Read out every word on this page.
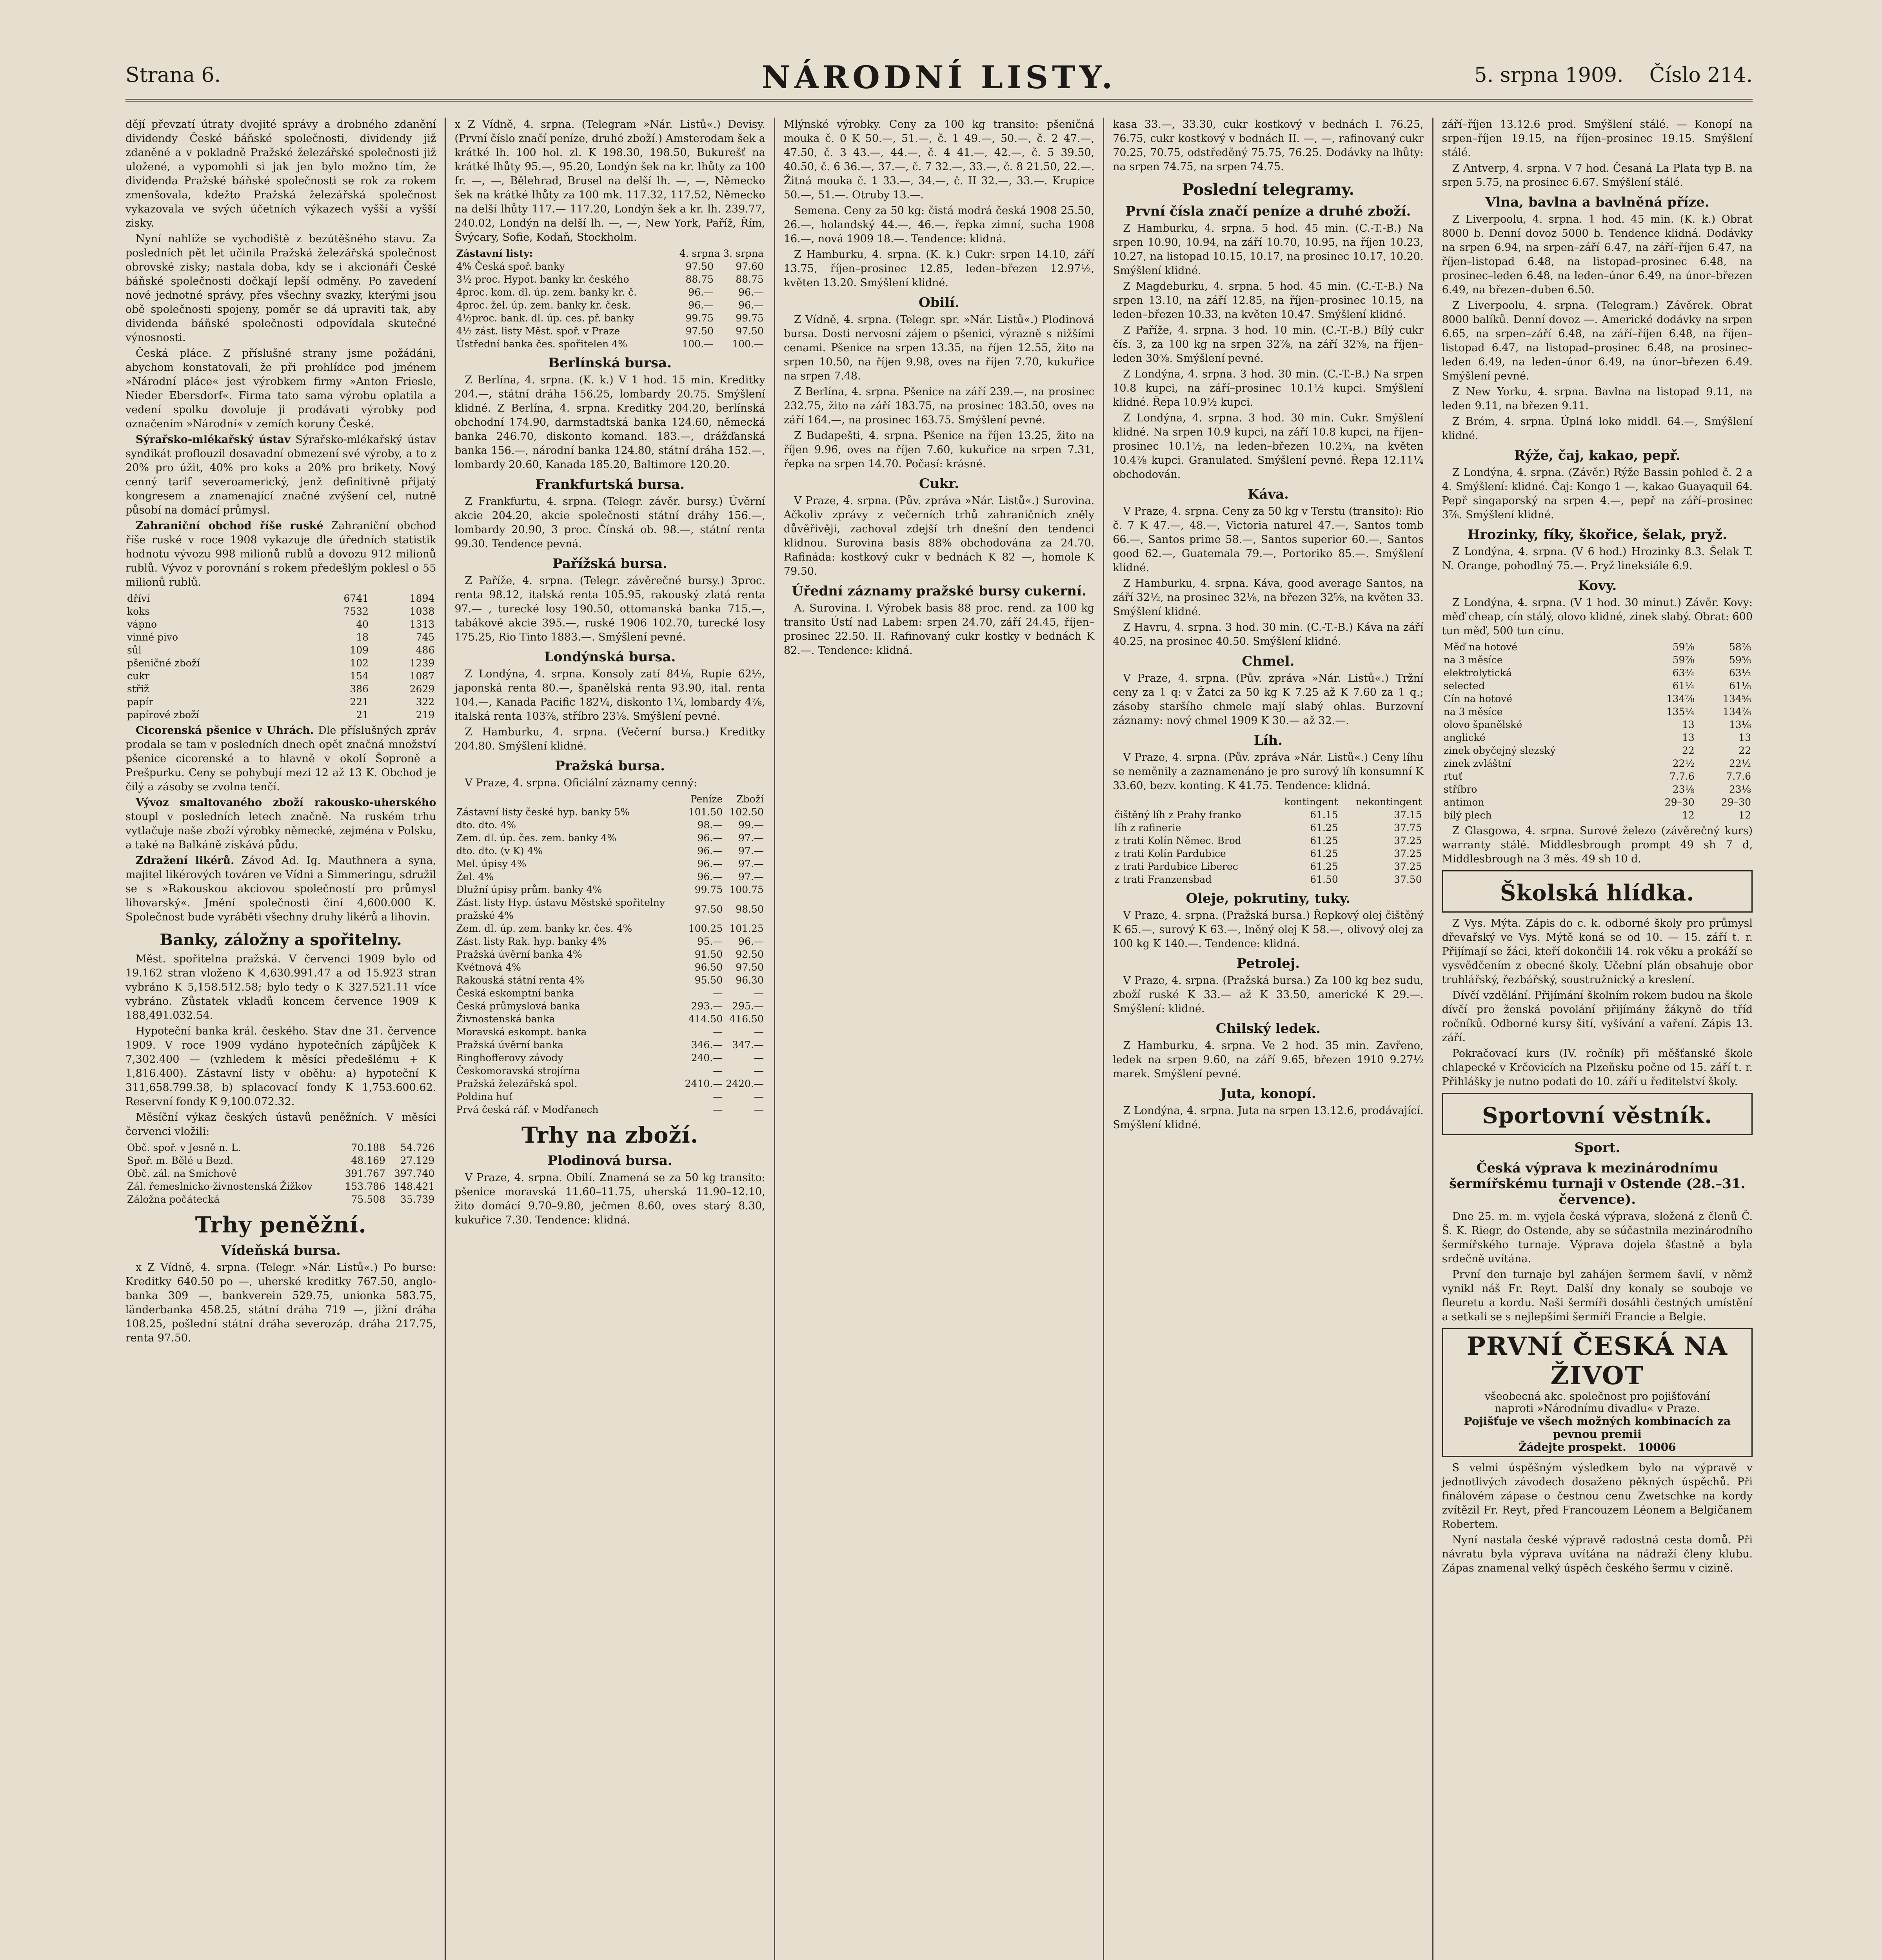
Strana 6.	NÁRODNÍ LISTY.	5. srpna 1909. Číslo 214.

dějí převzatí útraty dvojité správy a drobného zdanění dividendy České báňské společnosti, dividendy již zdaněné a v pokladně Pražské železářské společnosti již uložené, a vypomohli si jak jen bylo možno tím, že dividenda Pražské báňské společnosti se rok za rokem zmenšovala, kdežto Pražská železářská společnost vykazovala ve svých účetních výkazech vyšší a vyšší zisky.

Nyní nahlíže se vychodiště z bezútěšného stavu. Za posledních pět let učinila Pražská železářská společnost obrovské zisky; nastala doba, kdy se i akcionáři České báňské společnosti dočkají lepší odměny. Po zavedení nové jednotné správy, přes všechny svazky, kterými jsou obě společnosti spojeny, poměr se dá upraviti tak, aby dividenda báňské společnosti odpovídala skutečné výnosnosti.

Česká pláce. Z příslušné strany jsme požádáni, abychom konstatovali, že při prohlídce pod jménem »Národní pláce« jest výrobkem firmy »Anton Friesle, Nieder Ebersdorf«. Firma tato sama výrobu oplatila a vedení spolku dovoluje ji prodávati výrobky pod označením »Národní« v zemích koruny České.

Sýrařsko-mlékařský ústav Sýrařsko-mlékařský ústav syndikát proflouzil dosavadní obmezení své výroby, a to z 20% pro úžit, 40% pro koks a 20% pro brikety. Nový cenný tarif severoamerický, jenž definitivně přijatý kongresem a znamenající značné zvýšení cel, nutně působí na domácí průmysl.

Zahraniční obchod říše ruské Zahraniční obchod říše ruské v roce 1908 vykazuje dle úředních statistik hodnotu vývozu 998 milionů rublů a dovozu 912 milionů rublů. Vývoz v porovnání s rokem předešlým poklesl o 55 milionů rublů.

dříví	6741	1894
koks	7532	1038
vápno	40	1313
vinné pivo	18	745
sůl	109	486
pšeničné zboží	102	1239
cukr	154	1087
střiž	386	2629
papír	221	322
papírové zboží	21	219

Cicorenská pšenice v Uhrách. Dle příslušných zpráv prodala se tam v posledních dnech opět značná množství pšenice cicorenské a to hlavně v okolí Šoproně a Prešpurku. Ceny se pohybují mezi 12 až 13 K. Obchod je čilý a zásoby se zvolna tenčí.

Vývoz smaltovaného zboží rakousko-uherského stoupl v posledních letech značně. Na ruském trhu vytlačuje naše zboží výrobky německé, zejména v Polsku, a také na Balkáně získává půdu.

Zdražení likérů. Závod Ad. Ig. Mauthnera a syna, majitel likérových továren ve Vídni a Simmeringu, sdružil se s »Rakouskou akciovou společností pro průmysl lihovarský«. Jmění společnosti činí 4,600.000 K. Společnost bude vyráběti všechny druhy likérů a lihovin.

Banky, záložny a spořitelny.

Měst. spořitelna pražská. V červenci 1909 bylo od 19.162 stran vloženo K 4,630.991.47 a od 15.923 stran vybráno K 5,158.512.58; bylo tedy o K 327.521.11 více vybráno. Zůstatek vkladů koncem července 1909 K 188,491.032.54.

Hypoteční banka král. českého. Stav dne 31. července 1909. V roce 1909 vydáno hypotečních zápůjček K 7,302.400 — (vzhledem k měsíci předešlému + K 1,816.400). Zástavní listy v oběhu: a) hypoteční K 311,658.799.38, b) splacovací fondy K 1,753.600.62. Reservní fondy K 9,100.072.32.

Měsíční výkaz českých ústavů peněžních. V měsíci červenci vložili:

Obč. spoř. v Jesně n. L.	70.188	54.726
Spoř. m. Bělé u Bezd.	48.169	27.129
Obč. zál. na Smíchově	391.767	397.740
Zál. řemeslnicko-živnostenská Žižkov	153.786	148.421
Záložna počátecká	75.508	35.739
Trhy peněžní.
Vídeňská bursa.

x Z Vídně, 4. srpna. (Telegr. »Nár. Listů«.) Po burse: Kreditky 640.50 po —, uherské kreditky 767.50, anglo-banka 309 —, bankverein 529.75, unionka 583.75, länderbanka 458.25, státní dráha 719 —, jižní dráha 108.25, pošlední státní dráha severozáp. dráha 217.75, renta 97.50.

x Z Vídně, 4. srpna. (Telegram »Nár. Listů«.) Devisy. (První číslo značí peníze, druhé zboží.) Amsterodam šek a krátké lh. 100 hol. zl. K 198.30, 198.50, Bukurešť na krátké lhůty 95.—, 95.20, Londýn šek na kr. lhůty za 100 fr. —, —, Bělehrad, Brusel na delší lh. —, —, Německo šek na krátké lhůty za 100 mk. 117.32, 117.52, Německo na delší lhůty 117.— 117.20, Londýn šek a kr. lh. 239.77, 240.02, Londýn na delší lh. —, —, New York, Paříž, Řím, Švýcary, Sofie, Kodaň, Stockholm.

Zástavní listy:	4. srpna 3. srpna	
4% Česká spoř. banky	97.50	97.60
3½ proc. Hypot. banky kr. českého	88.75	88.75
4proc. kom. dl. úp. zem. banky kr. č.	96.—	96.—
4proc. žel. úp. zem. banky kr. česk.	96.—	96.—
4½proc. bank. dl. úp. ces. př. banky	99.75	99.75
4½ zást. listy Měst. spoř. v Praze	97.50	97.50
Ústřední banka čes. spořitelen 4%	100.—	100.—
Berlínská bursa.

Z Berlína, 4. srpna. (K. k.) V 1 hod. 15 min. Kreditky 204.—, státní dráha 156.25, lombardy 20.75. Smýšlení klidné. Z Berlína, 4. srpna. Kreditky 204.20, berlínská obchodní 174.90, darmstadtská banka 124.60, německá banka 246.70, diskonto komand. 183.—, drážďanská banka 156.—, národní banka 124.80, státní dráha 152.—, lombardy 20.60, Kanada 185.20, Baltimore 120.20.

Frankfurtská bursa.

Z Frankfurtu, 4. srpna. (Telegr. závěr. bursy.) Úvěrní akcie 204.20, akcie společnosti státní dráhy 156.—, lombardy 20.90, 3 proc. Čínská ob. 98.—, státní renta 99.30. Tendence pevná.

Pařížská bursa.

Z Paříže, 4. srpna. (Telegr. závěrečné bursy.) 3proc. renta 98.12, italská renta 105.95, rakouský zlatá renta 97.— , turecké losy 190.50, ottomanská banka 715.—, tabákové akcie 395.—, ruské 1906 102.70, turecké losy 175.25, Rio Tinto 1883.—. Smýšlení pevné.

Londýnská bursa.

Z Londýna, 4. srpna. Konsoly zatí 84⅛, Rupie 62½, japonská renta 80.—, španělská renta 93.90, ital. renta 104.—, Kanada Pacific 182¼, diskonto 1¼, lombardy 4⅞, italská renta 103⅞, stříbro 23⅛. Smýšlení pevné.

Z Hamburku, 4. srpna. (Večerní bursa.) Kreditky 204.80. Smýšlení klidné.

Pražská bursa.

V Praze, 4. srpna. Oficiální záznamy cenný:

	Peníze	Zboží
Zástavní listy české hyp. banky 5%	101.50	102.50
dto. dto. 4%	98.—	99.—
Zem. dl. úp. čes. zem. banky 4%	96.—	97.—
dto. dto. (v K) 4%	96.—	97.—
Mel. úpisy 4%	96.—	97.—
Žel. 4%	96.—	97.—
Dlužní úpisy prům. banky 4%	99.75	100.75
Zást. listy Hyp. ústavu Městské spořitelny pražské 4%	97.50	98.50
Zem. dl. úp. zem. banky kr. čes. 4%	100.25	101.25
Zást. listy Rak. hyp. banky 4%	95.—	96.—
Pražská úvěrní banka 4%	91.50	92.50
Kvétnová 4%	96.50	97.50
Rakouská státní renta 4%	95.50	96.30
Česká eskomptní banka	—	—
Česká průmyslová banka	293.—	295.—
Živnostenská banka	414.50	416.50
Moravská eskompt. banka	—	—
Pražská úvěrní banka	346.—	347.—
Ringhofferovy závody	240.—	—
Českomoravská strojírna	—	—
Pražská železářská spol.	2410.—	2420.—
Poldina huť	—	—
Prvá česká ráf. v Modřanech	—	—
Trhy na zboží.
Plodinová bursa.

V Praze, 4. srpna. Obilí. Znamená se za 50 kg transito: pšenice moravská 11.60–11.75, uherská 11.90–12.10, žito domácí 9.70–9.80, ječmen 8.60, oves starý 8.30, kukuřice 7.30. Tendence: klidná.

Mlýnské výrobky. Ceny za 100 kg transito: pšeničná mouka č. 0 K 50.—, 51.—, č. 1 49.—, 50.—, č. 2 47.—, 47.50, č. 3 43.—, 44.—, č. 4 41.—, 42.—, č. 5 39.50, 40.50, č. 6 36.—, 37.—, č. 7 32.—, 33.—, č. 8 21.50, 22.—. Žitná mouka č. 1 33.—, 34.—, č. II 32.—, 33.—. Krupice 50.—, 51.—. Otruby 13.—.

Semena. Ceny za 50 kg: čistá modrá česká 1908 25.50, 26.—, holandský 44.—, 46.—, řepka zimní, sucha 1908 16.—, nová 1909 18.—. Tendence: klidná.

Z Hamburku, 4. srpna. (K. k.) Cukr: srpen 14.10, září 13.75, říjen–prosinec 12.85, leden–březen 12.97½, květen 13.20. Smýšlení klidné.

Obilí.

Z Vídně, 4. srpna. (Telegr. spr. »Nár. Listů«.) Plodinová bursa. Dosti nervosní zájem o pšenici, výrazně s nižšími cenami. Pšenice na srpen 13.35, na říjen 12.55, žito na srpen 10.50, na říjen 9.98, oves na říjen 7.70, kukuřice na srpen 7.48.

Z Berlína, 4. srpna. Pšenice na září 239.—, na prosinec 232.75, žito na září 183.75, na prosinec 183.50, oves na září 164.—, na prosinec 163.75. Smýšlení pevné.

Z Budapešti, 4. srpna. Pšenice na říjen 13.25, žito na říjen 9.96, oves na říjen 7.60, kukuřice na srpen 7.31, řepka na srpen 14.70. Počasí: krásné.

Cukr.

V Praze, 4. srpna. (Pův. zpráva »Nár. Listů«.) Surovina. Ačkoliv zprávy z večerních trhů zahraničních zněly důvěřivěji, zachoval zdejší trh dnešní den tendenci klidnou. Surovina basis 88% obchodována za 24.70. Rafináda: kostkový cukr v bednách K 82 —, homole K 79.50.

Úřední záznamy pražské bursy cukerní.

A. Surovina. I. Výrobek basis 88 proc. rend. za 100 kg transito Ústí nad Labem: srpen 24.70, září 24.45, říjen–prosinec 22.50. II. Rafinovaný cukr kostky v bednách K 82.—. Tendence: klidná.

kasa 33.—, 33.30, cukr kostkový v bednách I. 76.25, 76.75, cukr kostkový v bednách II. —, —, rafinovaný cukr 70.25, 70.75, odstředěný 75.75, 76.25. Dodávky na lhůty: na srpen 74.75, na srpen 74.75.

Poslední telegramy.
První čísla značí peníze a druhé zboží.

Z Hamburku, 4. srpna. 5 hod. 45 min. (C.-T.-B.) Na srpen 10.90, 10.94, na září 10.70, 10.95, na říjen 10.23, 10.27, na listopad 10.15, 10.17, na prosinec 10.17, 10.20. Smýšlení klidné.

Z Magdeburku, 4. srpna. 5 hod. 45 min. (C.-T.-B.) Na srpen 13.10, na září 12.85, na říjen–prosinec 10.15, na leden–březen 10.33, na květen 10.47. Smýšlení klidné.

Z Paříže, 4. srpna. 3 hod. 10 min. (C.-T.-B.) Bílý cukr čís. 3, za 100 kg na srpen 32⅞, na září 32⅝, na říjen–leden 30⅝. Smýšlení pevné.

Z Londýna, 4. srpna. 3 hod. 30 min. (C.-T.-B.) Na srpen 10.8 kupci, na září–prosinec 10.1½ kupci. Smýšlení klidné. Řepa 10.9½ kupci.

Z Londýna, 4. srpna. 3 hod. 30 min. Cukr. Smýšlení klidné. Na srpen 10.9 kupci, na září 10.8 kupci, na říjen–prosinec 10.1½, na leden–březen 10.2¾, na květen 10.4⅞ kupci. Granulated. Smýšlení pevné. Řepa 12.11¼ obchodován.

Káva.

V Praze, 4. srpna. Ceny za 50 kg v Terstu (transito): Rio č. 7 K 47.—, 48.—, Victoria naturel 47.—, Santos tomb 66.—, Santos prime 58.—, Santos superior 60.—, Santos good 62.—, Guatemala 79.—, Portoriko 85.—. Smýšlení klidné.

Z Hamburku, 4. srpna. Káva, good average Santos, na září 32½, na prosinec 32⅛, na březen 32⅝, na květen 33. Smýšlení klidné.

Z Havru, 4. srpna. 3 hod. 30 min. (C.-T.-B.) Káva na září 40.25, na prosinec 40.50. Smýšlení klidné.

Chmel.

V Praze, 4. srpna. (Pův. zpráva »Nár. Listů«.) Tržní ceny za 1 q: v Žatci za 50 kg K 7.25 až K 7.60 za 1 q.; zásoby staršího chmele mají slabý ohlas. Burzovní záznamy: nový chmel 1909 K 30.— až 32.—.

Líh.

V Praze, 4. srpna. (Pův. zpráva »Nár. Listů«.) Ceny líhu se neměnily a zaznamenáno je pro surový líh konsumní K 33.60, bezv. konting. K 41.75. Tendence: klidná.

	kontingent	nekontingent
čištěný líh z Prahy franko	61.15	37.15
líh z rafinerie	61.25	37.75
z trati Kolín Němec. Brod	61.25	37.25
z trati Kolín Pardubice	61.25	37.25
z trati Pardubice Liberec	61.25	37.25
z trati Franzensbad	61.50	37.50
Oleje, pokrutiny, tuky.

V Praze, 4. srpna. (Pražská bursa.) Řepkový olej čištěný K 65.—, surový K 63.—, lněný olej K 58.—, olivový olej za 100 kg K 140.—. Tendence: klidná.

Petrolej.

V Praze, 4. srpna. (Pražská bursa.) Za 100 kg bez sudu, zboží ruské K 33.— až K 33.50, americké K 29.—. Smýšlení: klidné.

Chilský ledek.

Z Hamburku, 4. srpna. Ve 2 hod. 35 min. Zavřeno, ledek na srpen 9.60, na září 9.65, březen 1910 9.27½ marek. Smýšlení pevné.

Juta, konopí.

Z Londýna, 4. srpna. Juta na srpen 13.12.6, prodávající. Smýšlení klidné.

září–říjen 13.12.6 prod. Smýšlení stálé. — Konopí na srpen–říjen 19.15, na říjen–prosinec 19.15. Smýšlení stálé.

Z Antverp, 4. srpna. V 7 hod. Česaná La Plata typ B. na srpen 5.75, na prosinec 6.67. Smýšlení stálé.

Vlna, bavlna a bavlněná příze.

Z Liverpoolu, 4. srpna. 1 hod. 45 min. (K. k.) Obrat 8000 b. Denní dovoz 5000 b. Tendence klidná. Dodávky na srpen 6.94, na srpen–září 6.47, na září–říjen 6.47, na říjen–listopad 6.48, na listopad–prosinec 6.48, na prosinec–leden 6.48, na leden–únor 6.49, na únor–březen 6.49, na březen–duben 6.50.

Z Liverpoolu, 4. srpna. (Telegram.) Závěrek. Obrat 8000 balíků. Denní dovoz —. Americké dodávky na srpen 6.65, na srpen–září 6.48, na září–říjen 6.48, na říjen–listopad 6.47, na listopad–prosinec 6.48, na prosinec–leden 6.49, na leden–únor 6.49, na únor–březen 6.49. Smýšlení pevné.

Z New Yorku, 4. srpna. Bavlna na listopad 9.11, na leden 9.11, na březen 9.11.

Z Brém, 4. srpna. Úplná loko middl. 64.—, Smýšlení klidné.

Rýže, čaj, kakao, pepř.

Z Londýna, 4. srpna. (Závěr.) Rýže Bassin pohled č. 2 a 4. Smýšlení: klidné. Čaj: Kongo 1 —, kakao Guayaquil 64. Pepř singaporský na srpen 4.—, pepř na září–prosinec 3⅞. Smýšlení klidné.

Hrozinky, fíky, škořice, šelak, pryž.

Z Londýna, 4. srpna. (V 6 hod.) Hrozinky 8.3. Šelak T. N. Orange, pohodlný 75.—. Pryž lineksiále 6.9.

Kovy.

Z Londýna, 4. srpna. (V 1 hod. 30 minut.) Závěr. Kovy: měď cheap, cín stálý, olovo klidné, zinek slabý. Obrat: 600 tun měď, 500 tun cínu.

Měď na hotové	59⅛	58⅞
na 3 měsíce	59⅞	59⅝
elektrolytická	63¾	63½
selected	61¼	61⅛
Cín na hotové	134⅞	134⅝
na 3 měsíce	135¼	134⅞
olovo španělské	13	13⅛
anglické	13	13
zinek obyčejný slezský	22	22
zinek zvláštní	22½	22½
rtuť	7.7.6	7.7.6
stříbro	23⅛	23⅛
antimon	29–30	29–30
bílý plech	12	12

Z Glasgowa, 4. srpna. Surové železo (závěrečný kurs) warranty stálé. Middlesbrough prompt 49 sh 7 d, Middlesbrough na 3 měs. 49 sh 10 d.

Školská hlídka.

Z Vys. Mýta. Zápis do c. k. odborné školy pro průmysl dřevařský ve Vys. Mýtě koná se od 10. — 15. září t. r. Přijímají se žáci, kteří dokončili 14. rok věku a prokáží se vysvědčením z obecné školy. Učební plán obsahuje obor truhlářský, řezbářský, soustružnický a kreslení.

Dívčí vzdělání. Přijímání školním rokem budou na škole dívčí pro ženská povolání přijímány žákyně do tříd ročníků. Odborné kursy šití, vyšívání a vaření. Zápis 13. září.

Pokračovací kurs (IV. ročník) při měšťanské škole chlapecké v Krčovicích na Plzeňsku počne od 15. září t. r. Přihlášky je nutno podati do 10. září u ředitelství školy.

Sportovní věstník.
Sport.
Česká výprava k mezinárodnímu šermířskému turnaji v Ostende (28.–31. července).

Dne 25. m. m. vyjela česká výprava, složená z členů Č. Š. K. Riegr, do Ostende, aby se súčastnila mezinárodního šermířského turnaje. Výprava dojela šťastně a byla srdečně uvítána.

První den turnaje byl zahájen šermem šavlí, v němž vynikl náš Fr. Reyt. Další dny konaly se souboje ve fleuretu a kordu. Naši šermíři dosáhli čestných umístění a setkali se s nejlepšími šermíři Francie a Belgie.

PRVNÍ ČESKÁ NA ŽIVOT
všeobecná akc. společnost pro pojišťování
naproti »Národnímu divadlu« v Praze.
Pojišťuje ve všech možných kombinacích za pevnou premii
Žádejte prospekt. 10006

S velmi úspěšným výsledkem bylo na výpravě v jednotlivých závodech dosaženo pěkných úspěchů. Při finálovém zápase o čestnou cenu Zwetschke na kordy zvítězil Fr. Reyt, před Francouzem Léonem a Belgičanem Robertem.

Nyní nastala české výpravě radostná cesta domů. Při návratu byla výprava uvítána na nádraží členy klubu. Zápas znamenal velký úspěch českého šermu v cizině.
